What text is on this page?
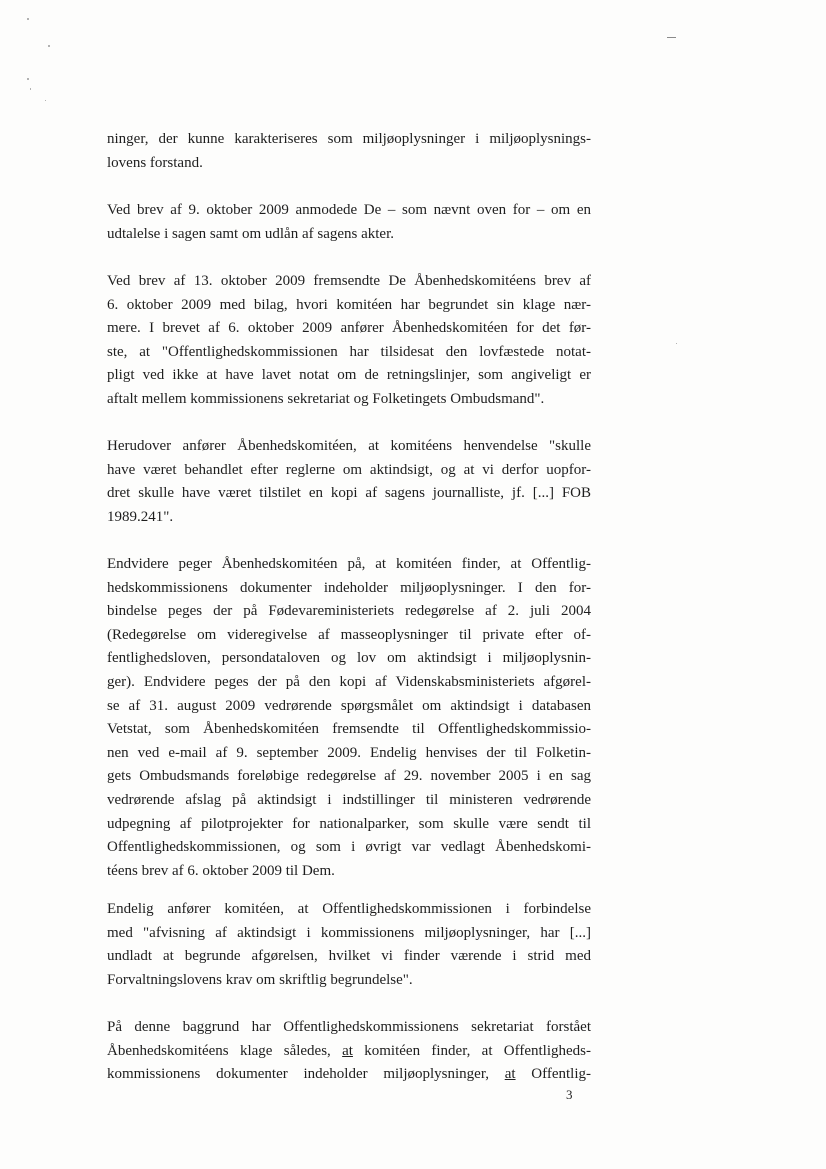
ninger, der kunne karakteriseres som miljøoplysninger i miljøoplysnings-
lovens forstand.
Ved brev af 9. oktober 2009 anmodede De – som nævnt oven for – om en
udtalelse i sagen samt om udlån af sagens akter.
Ved brev af 13. oktober 2009 fremsendte De Åbenhedskomitéens brev af
6. oktober 2009 med bilag, hvori komitéen har begrundet sin klage nær-
mere. I brevet af 6. oktober 2009 anfører Åbenhedskomitéen for det før-
ste, at "Offentlighedskommissionen har tilsidesat den lovfæstede notat-
pligt ved ikke at have lavet notat om de retningslinjer, som angiveligt er
aftalt mellem kommissionens sekretariat og Folketingets Ombudsmand".
Herudover anfører Åbenhedskomitéen, at komitéens henvendelse "skulle
have været behandlet efter reglerne om aktindsigt, og at vi derfor uopfor-
dret skulle have været tilstilet en kopi af sagens journalliste, jf. [...] FOB
1989.241".
Endvidere peger Åbenhedskomitéen på, at komitéen finder, at Offentlig-
hedskommissionens dokumenter indeholder miljøoplysninger. I den for-
bindelse peges der på Fødevareministeriets redegørelse af 2. juli 2004
(Redegørelse om videregivelse af masseoplysninger til private efter of-
fentlighedsloven, persondataloven og lov om aktindsigt i miljøoplysnin-
ger). Endvidere peges der på den kopi af Videnskabsministeriets afgørel-
se af 31. august 2009 vedrørende spørgsmålet om aktindsigt i databasen
Vetstat, som Åbenhedskomitéen fremsendte til Offentlighedskommissio-
nen ved e-mail af 9. september 2009. Endelig henvises der til Folketin-
gets Ombudsmands foreløbige redegørelse af 29. november 2005 i en sag
vedrørende afslag på aktindsigt i indstillinger til ministeren vedrørende
udpegning af pilotprojekter for nationalparker, som skulle være sendt til
Offentlighedskommissionen, og som i øvrigt var vedlagt Åbenhedskomi-
téens brev af 6. oktober 2009 til Dem.
Endelig anfører komitéen, at Offentlighedskommissionen i forbindelse
med "afvisning af aktindsigt i kommissionens miljøoplysninger, har [...]
undladt at begrunde afgørelsen, hvilket vi finder værende i strid med
Forvaltningslovens krav om skriftlig begrundelse".
På denne baggrund har Offentlighedskommissionens sekretariat forstået
Åbenhedskomitéens klage således, at komitéen finder, at Offentligheds-
kommissionens dokumenter indeholder miljøoplysninger, at Offentlig-
3
